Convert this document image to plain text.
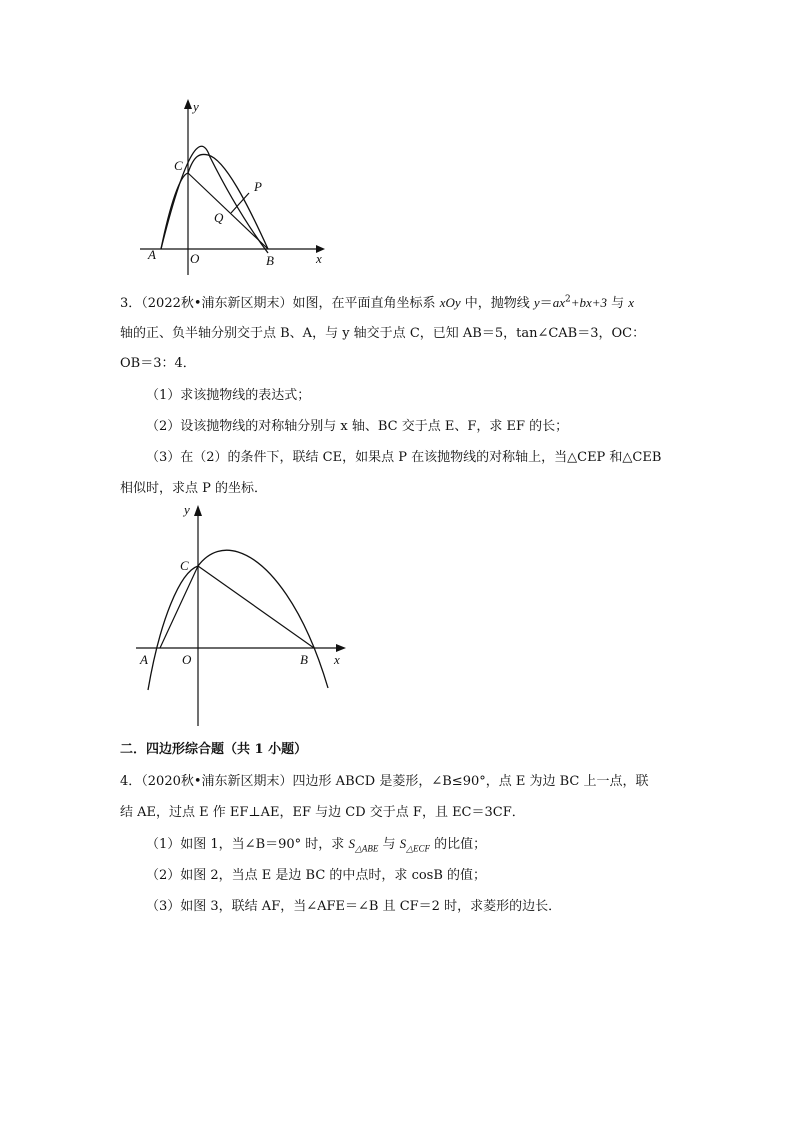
y
x
C
P
Q
A	O	B
3．（2022秋•浦东新区期末）如图，在平面直角坐标系 xOy 中，抛物线 $y=ax^2+bx+3$ 与 x
轴的正、负半轴分别交于点 B、A，与 y 轴交于点 C，已知 AB＝5，tan∠CAB＝3，OC：
OB＝3：4．
（1）求该抛物线的表达式；
（2）设该抛物线的对称轴分别与 x 轴、BC 交于点 E、F，求 EF 的长；
（3）在（2）的条件下，联结 CE，如果点 P 在该抛物线的对称轴上，当△CEP 和△CEB
相似时，求点 P 的坐标．
y
x
C
A	O	B
二．四边形综合题（共 1 小题）
4．（2020秋•浦东新区期末）四边形 ABCD 是菱形，∠B≤90°，点 E 为边 BC 上一点，联
结 AE，过点 E 作 EF⊥AE，EF 与边 CD 交于点 F，且 EC＝3CF．
（1）如图 1，当∠B＝90° 时，求 $S_{\triangle ABE}$ 与 $S_{\triangle ECF}$ 的比值；
（2）如图 2，当点 E 是边 BC 的中点时，求 cosB 的值；
（3）如图 3，联结 AF，当∠AFE＝∠B 且 CF＝2 时，求菱形的边长．
